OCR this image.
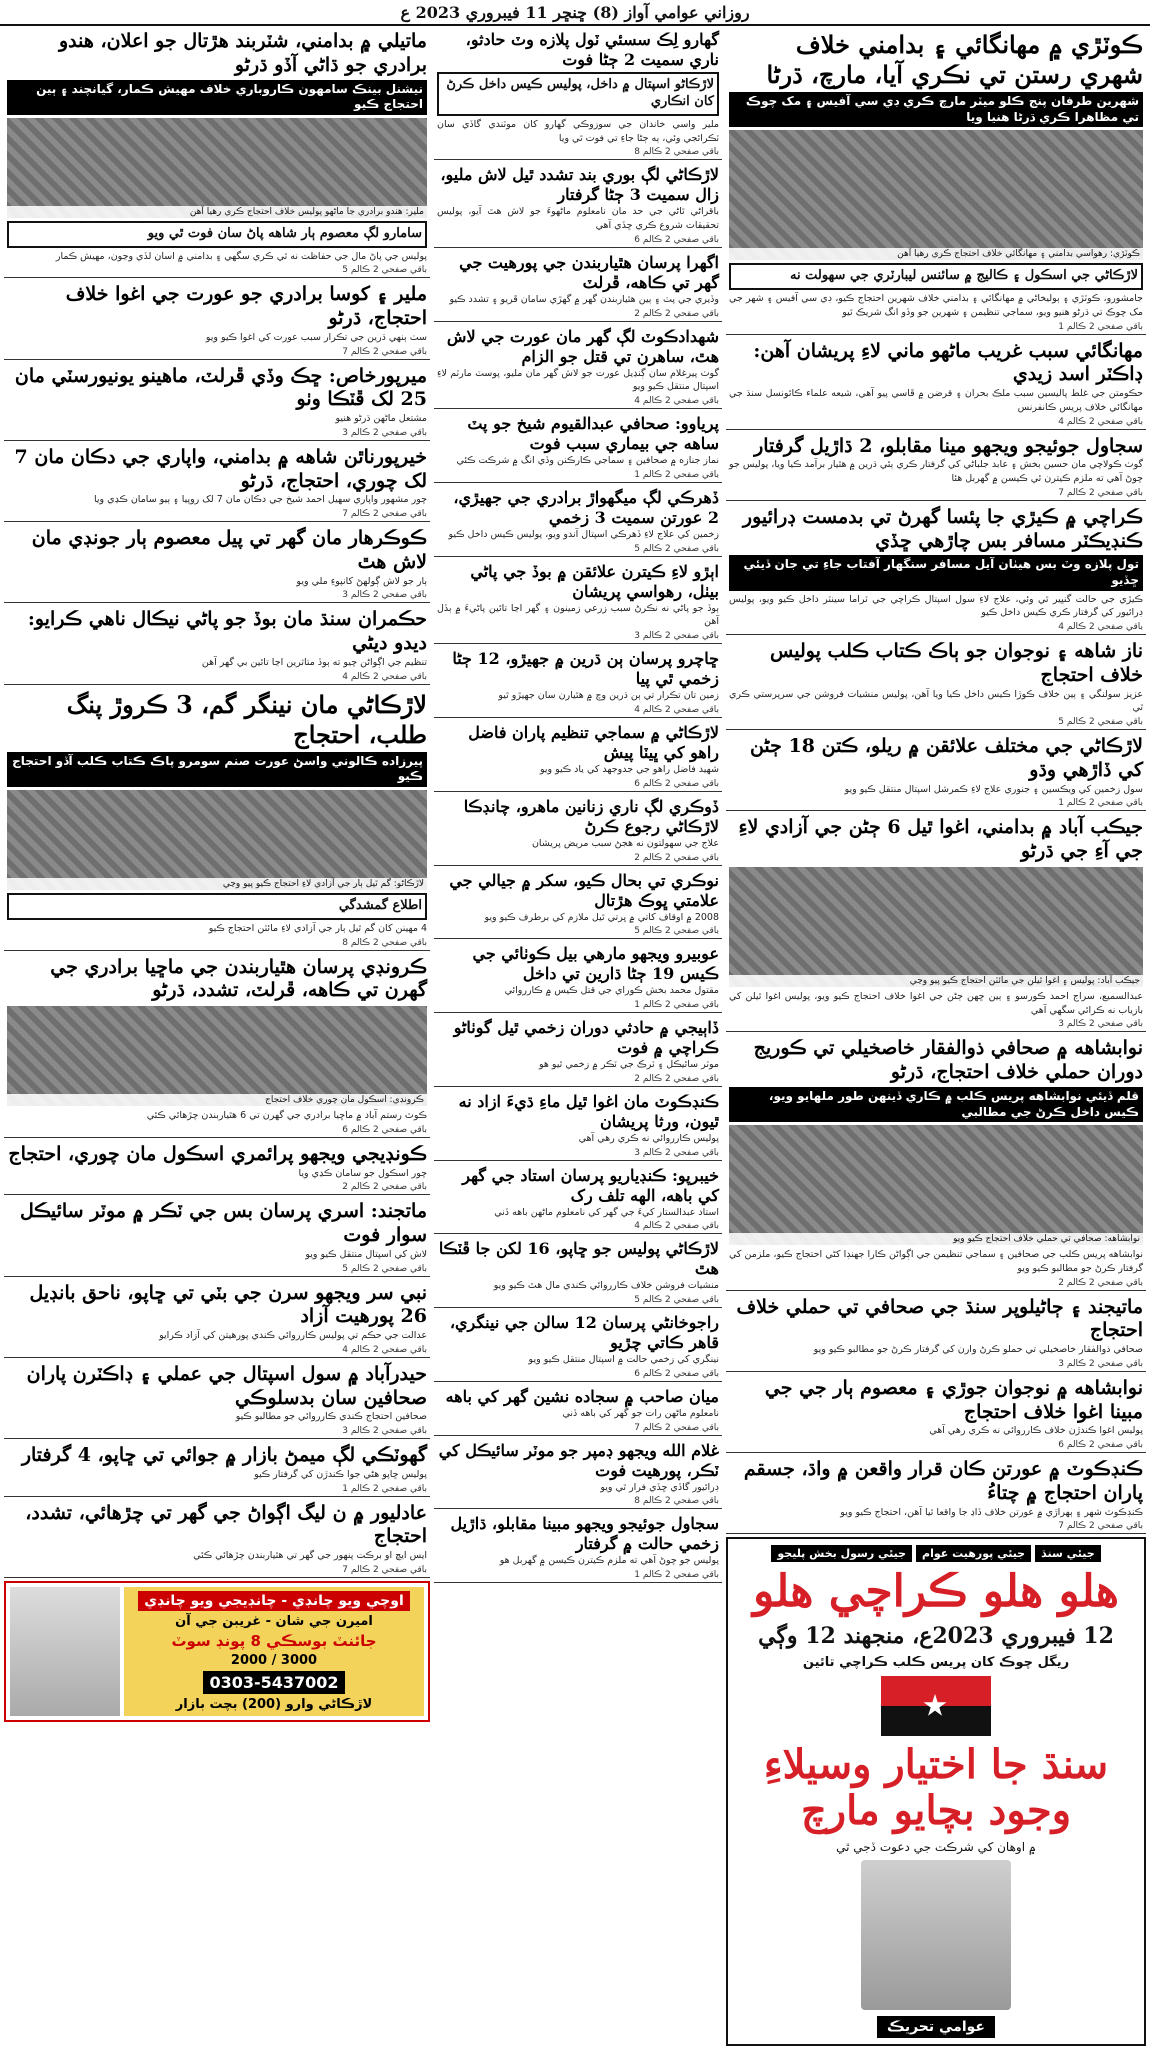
روزاني عوامي آواز (8) ڇنڇر 11 فيبروري 2023 ع
ڪوٽڙي ۾ مهانگائي ۽ بدامني خلاف شهري رستن تي نڪري آيا، مارچ، ڌرڻا
شهرين طرفان پنج ڪلو ميٽر مارچ ڪري ڊي سي آفيس ۽ مک چوڪ تي مظاهرا ڪري ڌرڻا هنيا ويا
ڪوٽڙي: رهواسي بدامني ۽ مهانگائي خلاف احتجاج ڪري رهيا آهن
لاڙڪاڻي جي اسڪول ۽ ڪاليج ۾ سائنس ليبارٽري جي سهولت نه
جامشورو، ڪوٽڙي ۽ ٻوليخاڻي ۾ مهانگائي ۽ بدامني خلاف شهرين احتجاج ڪيو، ڊي سي آفيس ۽ شهر جي مک چوڪ تي ڌرڻو هنيو ويو، سماجي تنظيمن ۽ شهرين جو وڏو انگ شريڪ ٿيو
باقي صفحي 2 ڪالم 1
مهانگائي سبب غريب ماڻهو ماني لاءِ پريشان آهن: ڊاڪٽر اسد زيدي
حڪومتن جي غلط پاليسين سبب ملڪ بحران ۽ قرضن ۾ ڦاسي پيو آهي، شيعه علماء ڪائونسل سنڌ جي مهانگائي خلاف پريس ڪانفرنس
باقي صفحي 2 ڪالم 4
سجاول جوئيجو ويجهو مينا مقابلو، 2 ڌاڙيل گرفتار
گوٺ ڪولاچي مان حسين بخش ۽ عابد جلباڻي کي گرفتار ڪري ٻئي ڌرين ۾ هٿيار برآمد ڪيا ويا، پوليس جو چوڻ آهي ته ملزم ڪيترن ئي ڪيسن ۾ گهربل هئا
باقي صفحي 2 ڪالم 7
ڪراچي ۾ ڪيڙي جا پئسا گهرڻ تي بدمست ڊرائيور ڪنڊيڪٽر مسافر بس چاڙهي ڇڏي
تول پلازه وٽ بس هيٺان آيل مسافر سنگهار آفتاب جاءِ تي جان ڏيئي ڇڏيو
ڪيڙي جي حالت گنڀير ٿي وئي، علاج لاءِ سول اسپتال ڪراچي جي ٽراما سينٽر داخل ڪيو ويو، پوليس ڊرائيور کي گرفتار ڪري ڪيس داخل ڪيو
باقي صفحي 2 ڪالم 4
ناز شاهه ۽ نوجوان جو ٻاڪ ڪتاب ڪلب پوليس خلاف احتجاج
عزيز سولنگي ۽ ٻين خلاف ڪوڙا ڪيس داخل ڪيا ويا آهن، پوليس منشيات فروشن جي سرپرستي ڪري ٿي
باقي صفحي 2 ڪالم 5
لاڙڪاڻي جي مختلف علائقن ۾ ريلو، ڪتن 18 ڄڻن کي ڏاڙهي وڌو
سول زخمين کي ويڪسين ۽ جنوري علاج لاءِ ڪمرشل اسپتال منتقل ڪيو ويو
باقي صفحي 2 ڪالم 1
جيڪب آباد ۾ بدامني، اغوا ٿيل 6 ڄڻن جي آزادي لاءِ جي آءِ جي ڌرڻو
جيڪب آباد: پوليس ۽ اغوا ٿيلن جي مائٽن احتجاج ڪيو پيو وڃي
عبدالسميع، سراج احمد ڪورسو ۽ ٻين ڇهن ڄڻن جي اغوا خلاف احتجاج ڪيو ويو، پوليس اغوا ٿيلن کي بازياب نه ڪرائي سگهي آهي
باقي صفحي 2 ڪالم 3
نوابشاهه ۾ صحافي ذوالفقار خاصخيلي تي ڪوريج دوران حملي خلاف احتجاج، ڌرڻو
قلم ڏيئي نوابشاهه پريس ڪلب ۾ ڪاري ڏينهن طور ملهايو ويو، ڪيس داخل ڪرڻ جي مطالبي
نوابشاهه: صحافي تي حملي خلاف احتجاج ڪيو ويو
نوابشاهه پريس ڪلب جي صحافين ۽ سماجي تنظيمن جي اڳواڻن ڪارا جهنڊا کڻي احتجاج ڪيو، ملزمن کي گرفتار ڪرڻ جو مطالبو ڪيو ويو
باقي صفحي 2 ڪالم 2
ماتيجند ۽ ڄاڻيلوپر سنڌ جي صحافي تي حملي خلاف احتجاج
صحافي ذوالفقار خاصخيلي تي حملو ڪرڻ وارن کي گرفتار ڪرڻ جو مطالبو ڪيو ويو
باقي صفحي 2 ڪالم 3
نوابشاهه ۾ نوجوان جوڙي ۽ معصوم ٻار جي جي مبينا اغوا خلاف احتجاج
پوليس اغوا ڪندڙن خلاف ڪارروائي نه ڪري رهي آهي
باقي صفحي 2 ڪالم 6
ڪنڊڪوٽ ۾ عورتن ڪان قرار واقعن ۾ واڌ، جسقم پاران احتجاج ۾ چتاءُ
ڪنڊڪوٽ شهر ۽ ٻهراڙي ۾ عورتن خلاف ڏاڍ جا واقعا ٿيا آهن، احتجاج ڪيو ويو
باقي صفحي 2 ڪالم 7
جيئي سنڌ
جيئي پورهيت عوام
جيئي رسول بخش پليجو
هلو هلو ڪراچي هلو
12 فيبروري 2023ع، منجهند 12 وڳي
ريگل چوڪ کان پريس ڪلب ڪراچي تائين
سنڌ جا اختيار وسيلاءِ وجود بچايو مارچ
۾ اوهان کي شرڪت جي دعوت ڏجي ٿي
عوامي تحريڪ
گهارو لِڪ سسئي ٽول پلازه وٽ حادثو، ناري سميت 2 ڄڻا فوت
لاڙڪاڻو اسپتال ۾ داخل، پوليس ڪيس داخل ڪرڻ کان انڪاري
ملير واسي خاندان جي سوزوڪي گهارو کان موٽندي گاڏي سان ٽڪرائجي وئي، ٻه ڄڻا جاءِ تي فوت ٿي ويا
باقي صفحي 2 ڪالم 8
لاڙڪاڻي لڳ بوري بند تشدد ٿيل لاش مليو، زال سميت 3 ڄڻا گرفتار
باقراڻي ٿاڻي جي حد مان نامعلوم ماڻهوءَ جو لاش هٿ آيو، پوليس تحقيقات شروع ڪري ڇڏي آهي
باقي صفحي 2 ڪالم 6
اگهرا پرسان هٿياربندن جي پورهيت جي گهر تي ڪاهه، ڦرلٽ
وڏيري جي پٽ ۽ ٻين هٿياربندن گهر ۾ گهڙي سامان ڦريو ۽ تشدد ڪيو
باقي صفحي 2 ڪالم 2
شهدادڪوٽ لڳ گهر مان عورت جي لاش هٿ، ساهرن تي قتل جو الزام
گوٺ پيرغلام سان ڳنڍيل عورت جو لاش گهر مان مليو، پوسٽ مارٽم لاءِ اسپتال منتقل ڪيو ويو
باقي صفحي 2 ڪالم 4
پرياوو: صحافي عبدالقيوم شيخ جو پٽ ساهه جي بيماري سبب فوت
نماز جنازه ۾ صحافين ۽ سماجي ڪارڪنن وڏي انگ ۾ شرڪت ڪئي
باقي صفحي 2 ڪالم 1
ڏهرڪي لڳ ميگهواڙ برادري جي جهيڙي، 2 عورتن سميت 3 زخمي
زخمين کي علاج لاءِ ڏهرڪي اسپتال آندو ويو، پوليس ڪيس داخل ڪيو
باقي صفحي 2 ڪالم 5
اٻڙو لاءِ ڪيترن علائقن ۾ بوڏ جي پاڻي بيٺل، رهواسي پريشان
ٻوڏ جو پاڻي نه نڪرڻ سبب زرعي زمينون ۽ گهر اڃا تائين پاڻيءَ ۾ ٻڏل آهن
باقي صفحي 2 ڪالم 3
ڇاچرو پرسان ٻن ڌرين ۾ جهيڙو، 12 ڄڻا زخمي ٿي پيا
زمين تان تڪرار تي ٻن ڌرين وچ ۾ هٿيارن سان جهيڙو ٿيو
باقي صفحي 2 ڪالم 4
لاڙڪاڻي ۾ سماجي تنظيم پاران فاضل راهو کي ڀيٽا پيش
شهيد فاضل راهو جي جدوجهد کي ياد ڪيو ويو
باقي صفحي 2 ڪالم 6
ڏوڪري لڳ ناري زنانين ماهرو، چانڊڪا لاڙڪاڻي رجوع ڪرڻ
علاج جي سهولتون نه هجڻ سبب مريض پريشان
باقي صفحي 2 ڪالم 2
نوڪري تي بحال ڪيو، سکر ۾ جيالي جي علامتي ڀوڪ هڙتال
2008 ۾ اوقاف کاتي ۾ ڀرتي ٿيل ملازم کي برطرف ڪيو ويو
باقي صفحي 2 ڪالم 5
عوبيرو ويجهو مارهي بيل ڪوٺائي جي ڪيس 19 ڄڻا ڌارين تي داخل
مقتول محمد بخش ڪوراي جي قتل ڪيس ۾ ڪارروائي
باقي صفحي 2 ڪالم 1
ڏاٻيجي ۾ حادثي دوران زخمي ٿيل گوٺاڻو ڪراچي ۾ فوت
موٽر سائيڪل ۽ ٽرڪ جي ٽڪر ۾ زخمي ٿيو هو
باقي صفحي 2 ڪالم 2
ڪنڊڪوٽ مان اغوا ٿيل ماءِ ڌيءَ ازاد نه ٿيون، ورثا پريشان
پوليس ڪارروائي نه ڪري رهي آهي
باقي صفحي 2 ڪالم 3
خيبرپو: ڪنڊياريو پرسان استاد جي گهر کي باهه، الهه تلف رک
استاد عبدالستار کيءَ جي گهر کي نامعلوم ماڻهن باهه ڏني
باقي صفحي 2 ڪالم 4
لاڙڪاڻي پوليس جو ڇاپو، 16 لکن جا ڦٽڪا هٿ
منشيات فروشن خلاف ڪارروائي ڪندي مال هٿ ڪيو ويو
باقي صفحي 2 ڪالم 5
راجوخانڻي پرسان 12 سالن جي نينگري، قاهر ڪاتي چڙيو
نينگري کي زخمي حالت ۾ اسپتال منتقل ڪيو ويو
باقي صفحي 2 ڪالم 6
ميان صاحب ۾ سجاده نشين گهر کي باهه
نامعلوم ماڻهن رات جو گهر کي باهه ڏني
باقي صفحي 2 ڪالم 7
غلام الله ويجهو ڊمپر جو موٽر سائيڪل کي ٽڪر، پورهيت فوت
ڊرائيور گاڏي ڇڏي فرار ٿي ويو
باقي صفحي 2 ڪالم 8
سجاول جوئيجو ويجهو مبينا مقابلو، ڌاڙيل زخمي حالت ۾ گرفتار
پوليس جو چوڻ آهي ته ملزم ڪيترن ڪيسن ۾ گهربل هو
باقي صفحي 2 ڪالم 1
ماتيلي ۾ بدامني، شٽربند هڙتال جو اعلان، هندو برادري جو ڌاڻي آڏو ڌرڻو
نيشنل بينڪ سامهون ڪاروباري خلاف مهيش ڪمار، گيانچند ۽ ٻين احتجاج ڪيو
ملير: هندو برادري جا ماڻهو پوليس خلاف احتجاج ڪري رهيا آهن
سامارو لڳ معصوم ٻار شاهه پاڻ سان فوت ٿي ويو
پوليس جي پاڻ مال جي حفاظت نه ٿي ڪري سگهي ۽ بدامني ۾ اسان لڏي وڃون، مهيش ڪمار
باقي صفحي 2 ڪالم 5
ملير ۽ کوسا برادري جو عورت جي اغوا خلاف احتجاج، ڌرڻو
سٺ ٻنهي ڌرين جي تڪرار سبب عورت کي اغوا ڪيو ويو
باقي صفحي 2 ڪالم 7
ميرپورخاص: ڇڪ وڏي ڦرلٽ، ماهينو يونيورسٽي مان 25 لک ڦٽڪا وٺو
مشتعل ماڻهن ڌرڻو هنيو
باقي صفحي 2 ڪالم 3
خيرپورناٿن شاهه ۾ بدامني، واپاري جي دڪان مان 7 لک چوري، احتجاج، ڌرڻو
چور مشهور واپاري سهيل احمد شيخ جي دڪان مان 7 لک روپيا ۽ ٻيو سامان ڪڍي ويا
باقي صفحي 2 ڪالم 7
ڪوڪرهار مان گهر تي پيل معصوم ٻار جونڊي مان لاش هٿ
ٻار جو لاش ڳولهڻ کانپوءِ ملي ويو
باقي صفحي 2 ڪالم 3
حڪمران سنڌ مان بوڏ جو پاڻي نيڪال ناهي ڪرايو: ديدو ديڻي
تنظيم جي اڳواڻن چيو ته ٻوڏ متاثرين اڃا تائين بي گهر آهن
باقي صفحي 2 ڪالم 4
لاڙڪاڻي مان نينگر گم، 3 ڪروڙ پنگ طلب، احتجاج
پيرزاده ڪالوني واسڻ عورت صنم سومرو پاڪ ڪتاب ڪلب آڏو احتجاج ڪيو
لاڙڪاڻو: گم ٿيل ٻار جي آزادي لاءِ احتجاج ڪيو پيو وڃي
اطلاع گمشدگي
4 مهينن کان گم ٿيل ٻار جي آزادي لاءِ مائٽن احتجاج ڪيو
باقي صفحي 2 ڪالم 8
ڪرونڊي پرسان هٿياربندن جي ماڇيا برادري جي گهرن تي ڪاهه، ڦرلٽ، تشدد، ڌرڻو
ڪرونڊي: اسڪول مان چوري خلاف احتجاج
ڪوٽ رستم آباد ۾ ماڇيا برادري جي گهرن تي 6 هٿياربندن چڙهائي ڪئي
باقي صفحي 2 ڪالم 6
ڪونڊيجي ويجهو پرائمري اسڪول مان چوري، احتجاج
چور اسڪول جو سامان ڪڍي ويا
باقي صفحي 2 ڪالم 2
ماتجند: اسري پرسان بس جي ٽڪر ۾ موٽر سائيڪل سوار فوت
لاش کي اسپتال منتقل ڪيو ويو
باقي صفحي 2 ڪالم 5
نبي سر ويجهو سرن جي بٽي تي ڇاپو، ناحق بانڊيل 26 پورهيت آزاد
عدالت جي حڪم تي پوليس ڪارروائي ڪندي پورهيتن کي آزاد ڪرايو
باقي صفحي 2 ڪالم 4
حيدرآباد ۾ سول اسپتال جي عملي ۽ ڊاڪٽرن پاران صحافين سان بدسلوڪي
صحافين احتجاج ڪندي ڪارروائي جو مطالبو ڪيو
باقي صفحي 2 ڪالم 3
گهوٽڪي لڳ ميمڻ بازار ۾ جوائي تي ڇاپو، 4 گرفتار
پوليس ڇاپو هڻي جوا ڪندڙن کي گرفتار ڪيو
باقي صفحي 2 ڪالم 1
عادليور ۾ ن ليگ اڳواڻ جي گهر تي چڙهائي، تشدد، احتجاج
ايس ايڇ او برڪت پنهور جي گهر تي هٿياربندن چڙهائي ڪئي
باقي صفحي 2 ڪالم 7
اوچي ويو چانڊي - چانڊيجي ويو چانڊي
اميرن جي شان - غريبن جي آن
جائنٽ بوسڪي 8 پونڊ سوٽ
3000 / 2000
0303-5437002
لاڙڪاڻي وارو (200) بچت بازار
